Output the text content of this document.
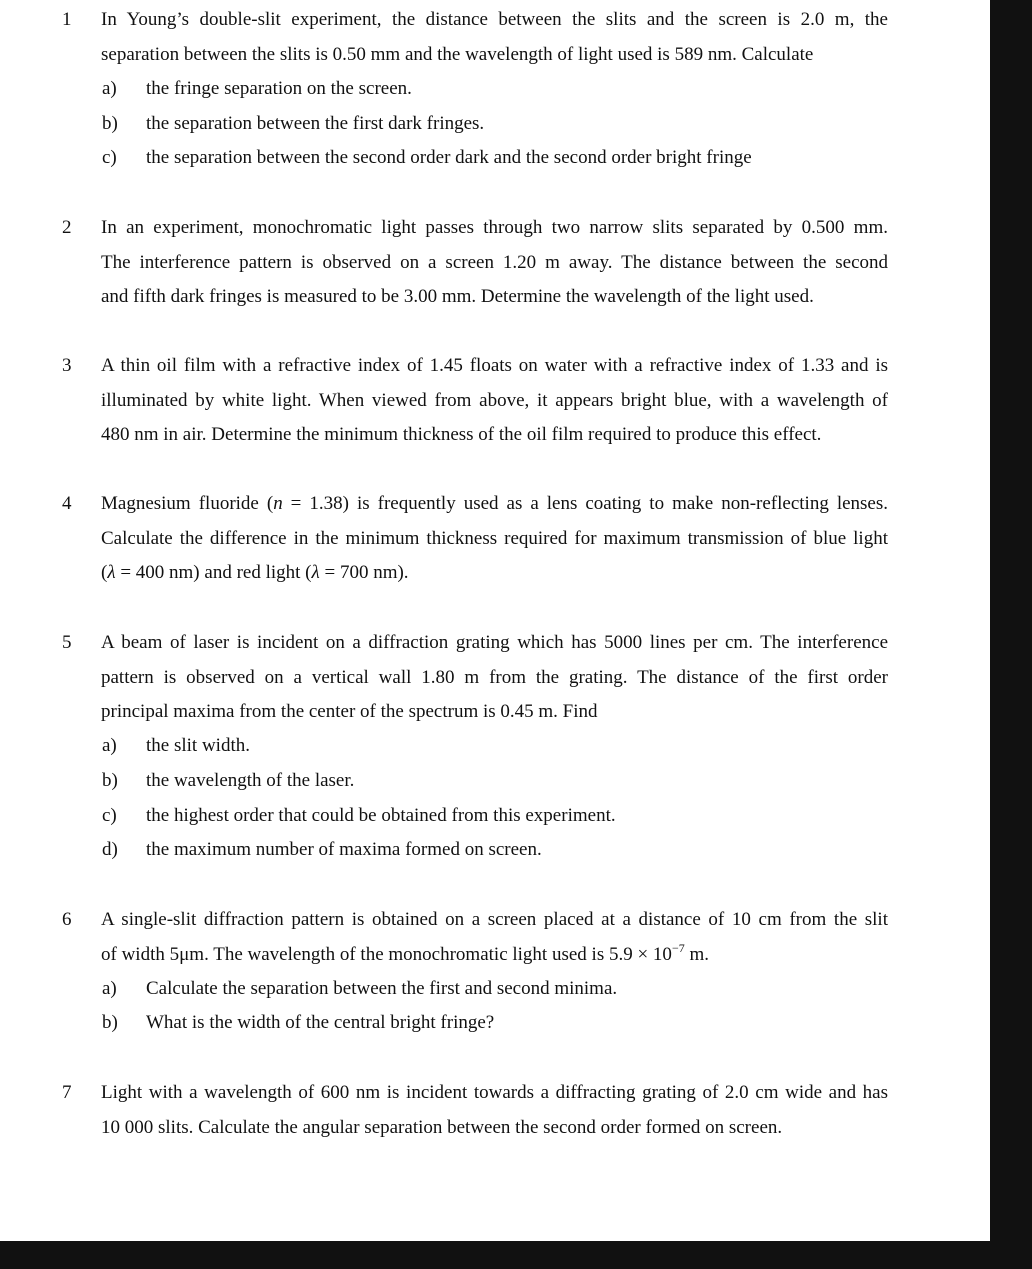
1	In Young’s double-slit experiment, the distance between the slits and the screen is 2.0 m, the
separation between the slits is 0.50 mm and the wavelength of light used is 589 nm. Calculate
a) the fringe separation on the screen.
b) the separation between the first dark fringes.
c) the separation between the second order dark and the second order bright fringe
2	In an experiment, monochromatic light passes through two narrow slits separated by 0.500 mm.
The interference pattern is observed on a screen 1.20 m away. The distance between the second
and fifth dark fringes is measured to be 3.00 mm. Determine the wavelength of the light used.
3	A thin oil film with a refractive index of 1.45 floats on water with a refractive index of 1.33 and is
illuminated by white light. When viewed from above, it appears bright blue, with a wavelength of
480 nm in air. Determine the minimum thickness of the oil film required to produce this effect.
4	Magnesium fluoride (n = 1.38) is frequently used as a lens coating to make non-reflecting lenses.
Calculate the difference in the minimum thickness required for maximum transmission of blue light
(λ = 400 nm) and red light (λ = 700 nm).
5	A beam of laser is incident on a diffraction grating which has 5000 lines per cm. The interference
pattern is observed on a vertical wall 1.80 m from the grating. The distance of the first order
principal maxima from the center of the spectrum is 0.45 m. Find
a) the slit width.
b) the wavelength of the laser.
c) the highest order that could be obtained from this experiment.
d) the maximum number of maxima formed on screen.
6	A single-slit diffraction pattern is obtained on a screen placed at a distance of 10 cm from the slit
of width 5μm. The wavelength of the monochromatic light used is $5.9 \times 10^{-7}$ m.
a) Calculate the separation between the first and second minima.
b) What is the width of the central bright fringe?
7	Light with a wavelength of 600 nm is incident towards a diffracting grating of 2.0 cm wide and has
10 000 slits. Calculate the angular separation between the second order formed on screen.
